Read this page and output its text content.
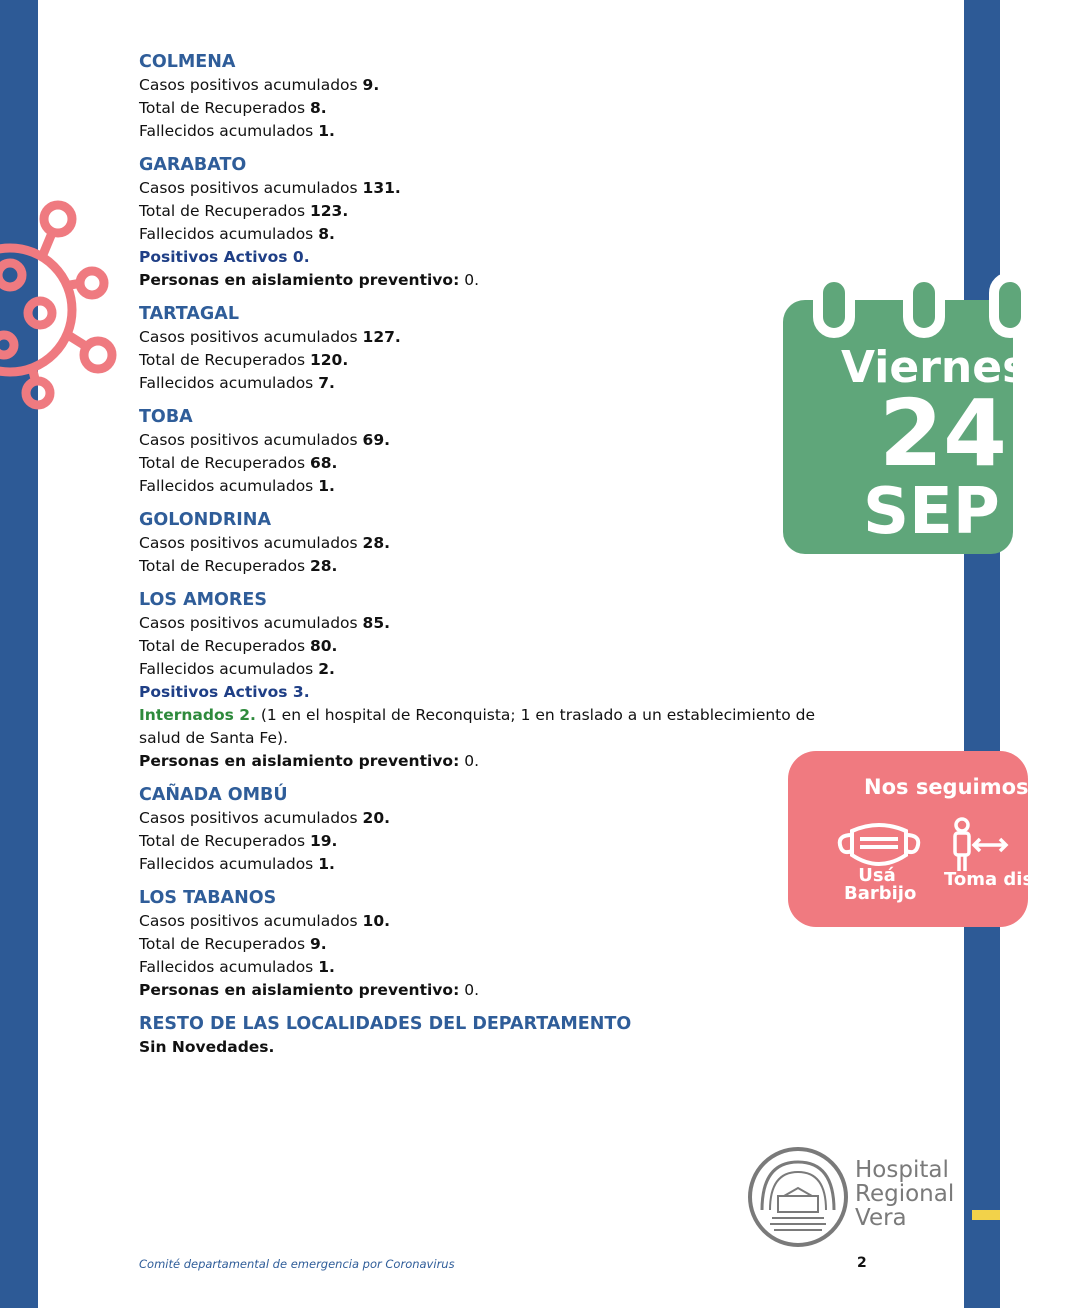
Viernes
24
SEP
Nos seguimos
Usá Barbijo
Toma distanc
COLMENA
Casos positivos acumulados 9.
Total de Recuperados 8.
Fallecidos acumulados 1.
GARABATO
Casos positivos acumulados 131.
Total de Recuperados 123.
Fallecidos acumulados 8.
Positivos Activos 0.
Personas en aislamiento preventivo: 0.
TARTAGAL
Casos positivos acumulados 127.
Total de Recuperados 120.
Fallecidos acumulados 7.
TOBA
Casos positivos acumulados 69.
Total de Recuperados 68.
Fallecidos acumulados 1.
GOLONDRINA
Casos positivos acumulados 28.
Total de Recuperados 28.
LOS AMORES
Casos positivos acumulados 85.
Total de Recuperados 80.
Fallecidos acumulados 2.
Positivos Activos 3.
Internados 2. (1 en el hospital de Reconquista; 1 en traslado a un establecimiento de salud de Santa Fe).
Personas en aislamiento preventivo: 0.
CAÑADA OMBÚ
Casos positivos acumulados 20.
Total de Recuperados 19.
Fallecidos acumulados 1.
LOS TABANOS
Casos positivos acumulados 10.
Total de Recuperados 9.
Fallecidos acumulados 1.
Personas en aislamiento preventivo: 0.
RESTO DE LAS LOCALIDADES DEL DEPARTAMENTO
Sin Novedades.
Hospital
Regional
Vera
Comité departamental de emergencia por Coronavirus	2
